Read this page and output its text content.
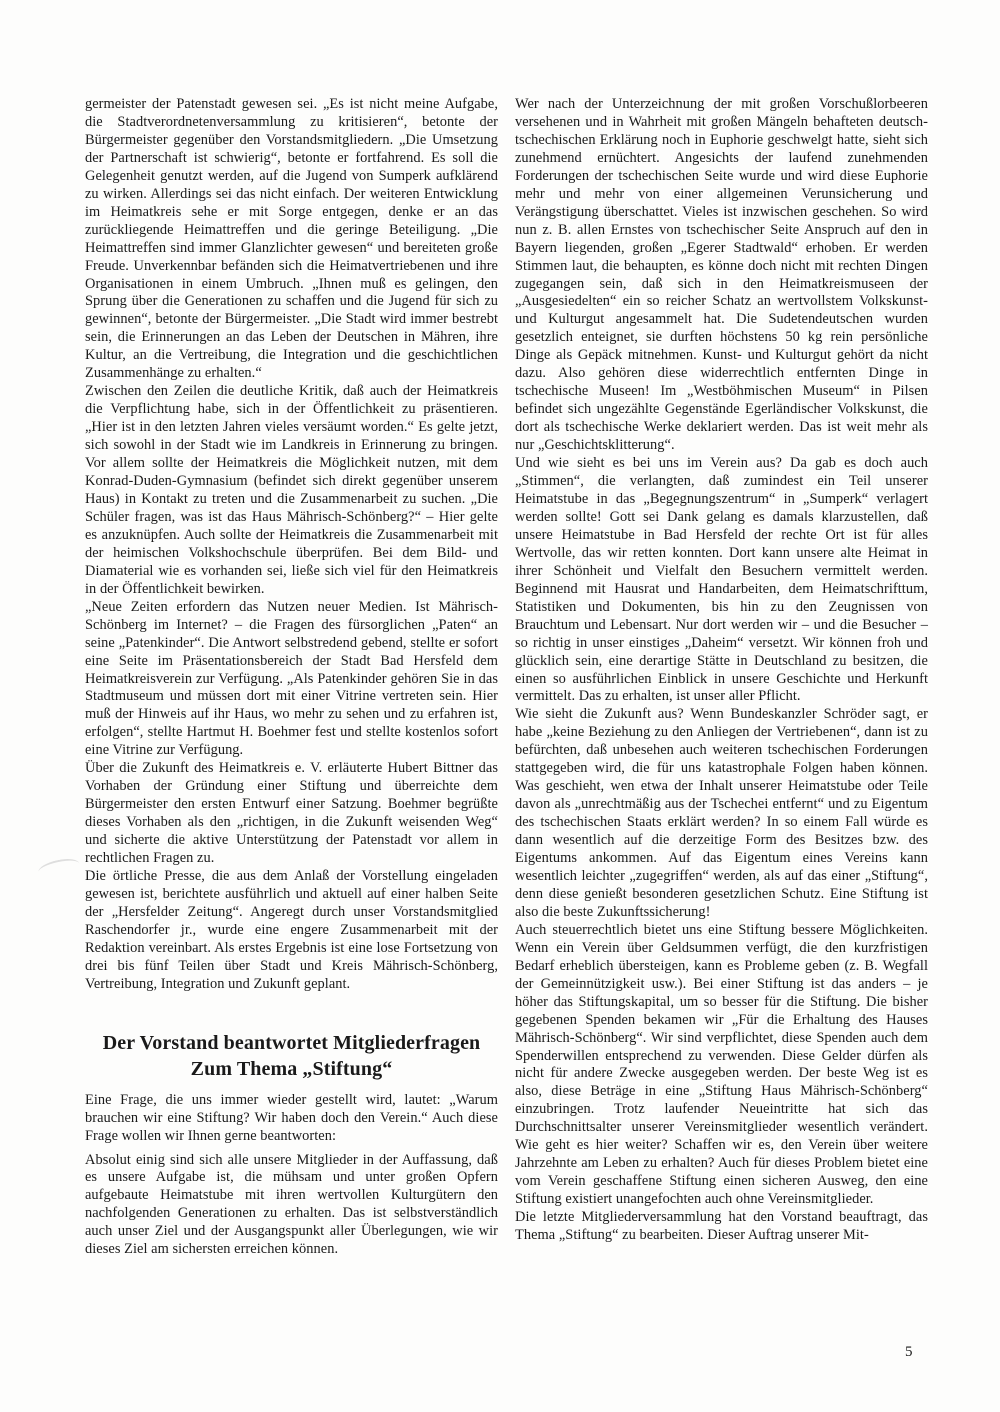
germeister der Patenstadt gewesen sei. „Es ist nicht meine Aufgabe, die Stadtverordnetenversammlung zu kritisieren“, betonte der Bürgermeister gegenüber den Vorstandsmitgliedern. „Die Umsetzung der Partnerschaft ist schwierig“, betonte er fortfahrend. Es soll die Gelegenheit genutzt werden, auf die Jugend von Sumperk aufklärend zu wirken. Allerdings sei das nicht einfach. Der weiteren Entwicklung im Heimatkreis sehe er mit Sorge entgegen, denke er an das zurückliegende Heimattreffen und die geringe Beteiligung. „Die Heimattreffen sind immer Glanzlichter gewesen“ und bereiteten große Freude. Unverkennbar befänden sich die Heimatvertriebenen und ihre Organisationen in einem Umbruch. „Ihnen muß es gelingen, den Sprung über die Generationen zu schaffen und die Jugend für sich zu gewinnen“, betonte der Bürgermeister. „Die Stadt wird immer bestrebt sein, die Erinnerungen an das Leben der Deutschen in Mähren, ihre Kultur, an die Vertreibung, die Integration und die geschichtlichen Zusammenhänge zu erhalten.“

Zwischen den Zeilen die deutliche Kritik, daß auch der Heimatkreis die Verpflichtung habe, sich in der Öffentlichkeit zu präsentieren. „Hier ist in den letzten Jahren vieles versäumt worden.“ Es gelte jetzt, sich sowohl in der Stadt wie im Landkreis in Erinnerung zu bringen. Vor allem sollte der Heimatkreis die Möglichkeit nutzen, mit dem Konrad-Duden-Gymnasium (befindet sich direkt gegenüber unserem Haus) in Kontakt zu treten und die Zusammenarbeit zu suchen. „Die Schüler fragen, was ist das Haus Mährisch-Schönberg?“ – Hier gelte es anzuknüpfen. Auch sollte der Heimatkreis die Zusammenarbeit mit der heimischen Volkshochschule überprüfen. Bei dem Bild- und Diamaterial wie es vorhanden sei, ließe sich viel für den Heimatkreis in der Öffentlichkeit bewirken.

„Neue Zeiten erfordern das Nutzen neuer Medien. Ist Mährisch-Schönberg im Internet? – die Fragen des fürsorglichen „Paten“ an seine „Patenkinder“. Die Antwort selbstredend gebend, stellte er sofort eine Seite im Präsentationsbereich der Stadt Bad Hersfeld dem Heimatkreisverein zur Verfügung. „Als Patenkinder gehören Sie in das Stadtmuseum und müssen dort mit einer Vitrine vertreten sein. Hier muß der Hinweis auf ihr Haus, wo mehr zu sehen und zu erfahren ist, erfolgen“, stellte Hartmut H. Boehmer fest und stellte kostenlos sofort eine Vitrine zur Verfügung.

Über die Zukunft des Heimatkreis e. V. erläuterte Hubert Bittner das Vorhaben der Gründung einer Stiftung und überreichte dem Bürgermeister den ersten Entwurf einer Satzung. Boehmer begrüßte dieses Vorhaben als den „richtigen, in die Zukunft weisenden Weg“ und sicherte die aktive Unterstützung der Patenstadt vor allem in rechtlichen Fragen zu.

Die örtliche Presse, die aus dem Anlaß der Vorstellung eingeladen gewesen ist, berichtete ausführlich und aktuell auf einer halben Seite der „Hersfelder Zeitung“. Angeregt durch unser Vorstandsmitglied Raschendorfer jr., wurde eine engere Zusammenarbeit mit der Redaktion vereinbart. Als erstes Ergebnis ist eine lose Fortsetzung von drei bis fünf Teilen über Stadt und Kreis Mährisch-Schönberg, Vertreibung, Integration und Zukunft geplant.

Der Vorstand beantwortet Mitgliederfragen
Zum Thema „Stiftung“

Eine Frage, die uns immer wieder gestellt wird, lautet: „Warum brauchen wir eine Stiftung? Wir haben doch den Verein.“ Auch diese Frage wollen wir Ihnen gerne beantworten:

Absolut einig sind sich alle unsere Mitglieder in der Auffassung, daß es unsere Aufgabe ist, die mühsam und unter großen Opfern aufgebaute Heimatstube mit ihren wertvollen Kulturgütern den nachfolgenden Generationen zu erhalten. Das ist selbstverständlich auch unser Ziel und der Ausgangspunkt aller Überlegungen, wie wir dieses Ziel am sichersten erreichen können.

Wer nach der Unterzeichnung der mit großen Vorschußlorbeeren versehenen und in Wahrheit mit großen Mängeln behafteten deutsch-tschechischen Erklärung noch in Euphorie geschwelgt hatte, sieht sich zunehmend ernüchtert. Angesichts der laufend zunehmenden Forderungen der tschechischen Seite wurde und wird diese Euphorie mehr und mehr von einer allgemeinen Verunsicherung und Verängstigung überschattet. Vieles ist inzwischen geschehen. So wird nun z. B. allen Ernstes von tschechischer Seite Anspruch auf den in Bayern liegenden, großen „Egerer Stadtwald“ erhoben. Er werden Stimmen laut, die behaupten, es könne doch nicht mit rechten Dingen zugegangen sein, daß sich in den Heimatkreismuseen der „Ausgesiedelten“ ein so reicher Schatz an wertvollstem Volkskunst- und Kulturgut angesammelt hat. Die Sudetendeutschen wurden gesetzlich enteignet, sie durften höchstens 50 kg rein persönliche Dinge als Gepäck mitnehmen. Kunst- und Kulturgut gehört da nicht dazu. Also gehören diese widerrechtlich entfernten Dinge in tschechische Museen! Im „Westböhmischen Museum“ in Pilsen befindet sich ungezählte Gegenstände Egerländischer Volkskunst, die dort als tschechische Werke deklariert werden. Das ist weit mehr als nur „Geschichtsklitterung“.

Und wie sieht es bei uns im Verein aus? Da gab es doch auch „Stimmen“, die verlangten, daß zumindest ein Teil unserer Heimatstube in das „Begegnungszentrum“ in „Sumperk“ verlagert werden sollte! Gott sei Dank gelang es damals klarzustellen, daß unsere Heimatstube in Bad Hersfeld der rechte Ort ist für alles Wertvolle, das wir retten konnten. Dort kann unsere alte Heimat in ihrer Schönheit und Vielfalt den Besuchern vermittelt werden. Beginnend mit Hausrat und Handarbeiten, dem Heimatschrifttum, Statistiken und Dokumenten, bis hin zu den Zeugnissen von Brauchtum und Lebensart. Nur dort werden wir – und die Besucher – so richtig in unser einstiges „Daheim“ versetzt. Wir können froh und glücklich sein, eine derartige Stätte in Deutschland zu besitzen, die einen so ausführlichen Einblick in unsere Geschichte und Herkunft vermittelt. Das zu erhalten, ist unser aller Pflicht.

Wie sieht die Zukunft aus? Wenn Bundeskanzler Schröder sagt, er habe „keine Beziehung zu den Anliegen der Vertriebenen“, dann ist zu befürchten, daß unbesehen auch weiteren tschechischen Forderungen stattgegeben wird, die für uns katastrophale Folgen haben können. Was geschieht, wen etwa der Inhalt unserer Heimatstube oder Teile davon als „unrechtmäßig aus der Tschechei entfernt“ und zu Eigentum des tschechischen Staats erklärt werden? In so einem Fall würde es dann wesentlich auf die derzeitige Form des Besitzes bzw. des Eigentums ankommen. Auf das Eigentum eines Vereins kann wesentlich leichter „zugegriffen“ werden, als auf das einer „Stiftung“, denn diese genießt besonderen gesetzlichen Schutz. Eine Stiftung ist also die beste Zukunftssicherung!

Auch steuerrechtlich bietet uns eine Stiftung bessere Möglichkeiten. Wenn ein Verein über Geldsummen verfügt, die den kurzfristigen Bedarf erheblich übersteigen, kann es Probleme geben (z. B. Wegfall der Gemeinnützigkeit usw.). Bei einer Stiftung ist das anders – je höher das Stiftungskapital, um so besser für die Stiftung. Die bisher gegebenen Spenden bekamen wir „Für die Erhaltung des Hauses Mährisch-Schönberg“. Wir sind verpflichtet, diese Spenden auch dem Spenderwillen entsprechend zu verwenden. Diese Gelder dürfen als nicht für andere Zwecke ausgegeben werden. Der beste Weg ist es also, diese Beträge in eine „Stiftung Haus Mährisch-Schönberg“ einzubringen. Trotz laufender Neueintritte hat sich das Durchschnittsalter unserer Vereinsmitglieder wesentlich verändert. Wie geht es hier weiter? Schaffen wir es, den Verein über weitere Jahrzehnte am Leben zu erhalten? Auch für dieses Problem bietet eine vom Verein geschaffene Stiftung einen sicheren Ausweg, den eine Stiftung existiert unangefochten auch ohne Vereinsmitglieder.

Die letzte Mitgliederversammlung hat den Vorstand beauftragt, das Thema „Stiftung“ zu bearbeiten. Dieser Auftrag unserer Mit-

5
